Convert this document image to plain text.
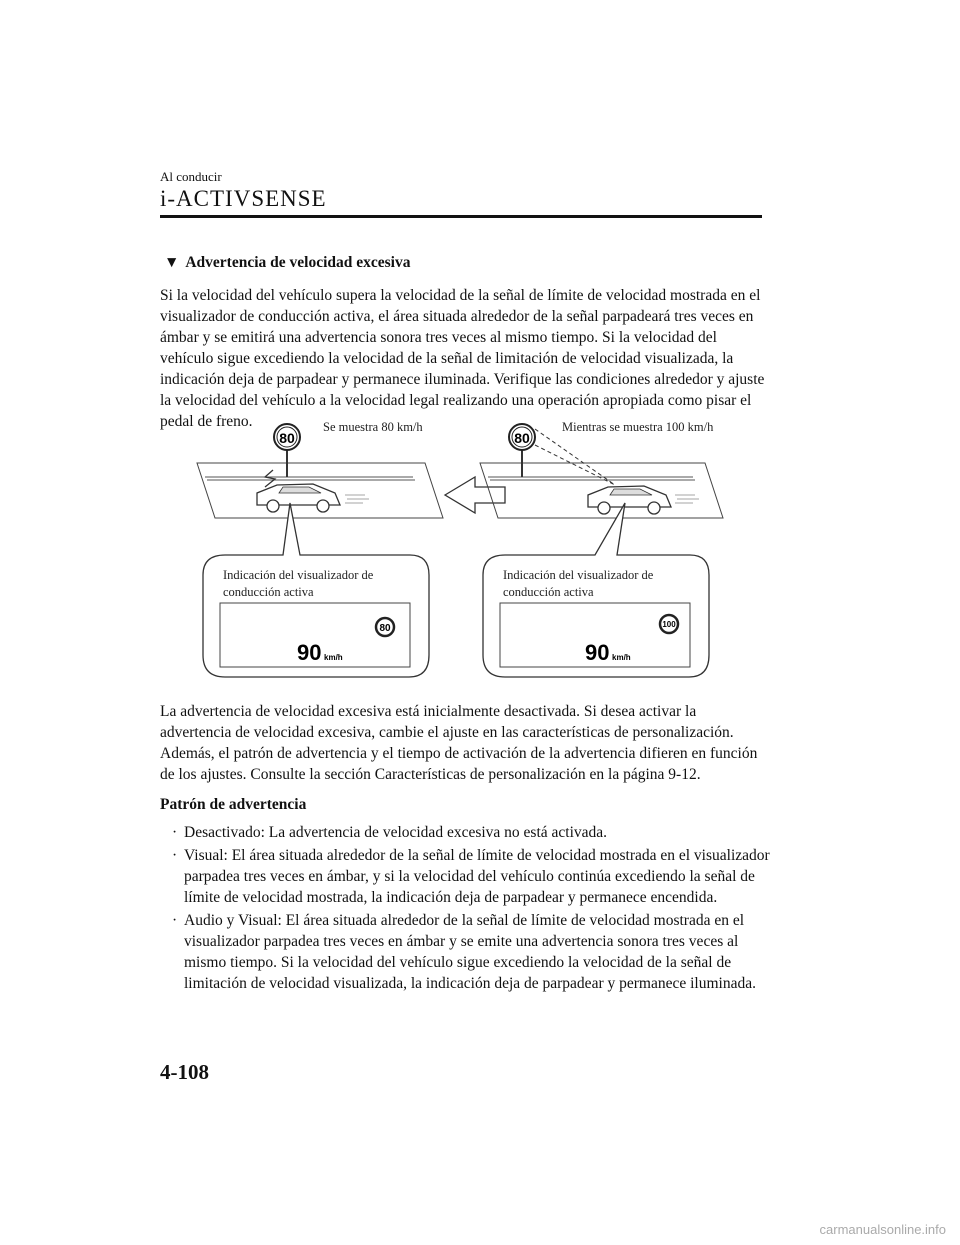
Al conducir
i-ACTIVSENSE
▼ Advertencia de velocidad excesiva

Si la velocidad del vehículo supera la velocidad de la señal de límite de velocidad mostrada en el visualizador de conducción activa, el área situada alrededor de la señal parpadeará tres veces en ámbar y se emitirá una advertencia sonora tres veces al mismo tiempo. Si la velocidad del vehículo sigue excediendo la velocidad de la señal de limitación de velocidad visualizada, la indicación deja de parpadear y permanece iluminada. Verifique las condiciones alrededor y ajuste la velocidad del vehículo a la velocidad legal realizando una operación apropiada como pisar el pedal de freno.

80
Se muestra 80 km/h
80
Mientras se muestra 100 km/h
Indicación del visualizador de
conducción activa
80
90 km/h
Indicación del visualizador de
conducción activa
100
90 km/h

La advertencia de velocidad excesiva está inicialmente desactivada. Si desea activar la advertencia de velocidad excesiva, cambie el ajuste en las características de personalización. Además, el patrón de advertencia y el tiempo de activación de la advertencia difieren en función de los ajustes. Consulte la sección Características de personalización en la página 9-12.

Patrón de advertencia
· Desactivado: La advertencia de velocidad excesiva no está activada.
· Visual: El área situada alrededor de la señal de límite de velocidad mostrada en el visualizador parpadea tres veces en ámbar, y si la velocidad del vehículo continúa excediendo la señal de límite de velocidad mostrada, la indicación deja de parpadear y permanece encendida.
· Audio y Visual: El área situada alrededor de la señal de límite de velocidad mostrada en el visualizador parpadea tres veces en ámbar y se emite una advertencia sonora tres veces al mismo tiempo. Si la velocidad del vehículo sigue excediendo la velocidad de la señal de limitación de velocidad visualizada, la indicación deja de parpadear y permanece iluminada.
4-108
carmanualsonline.info
